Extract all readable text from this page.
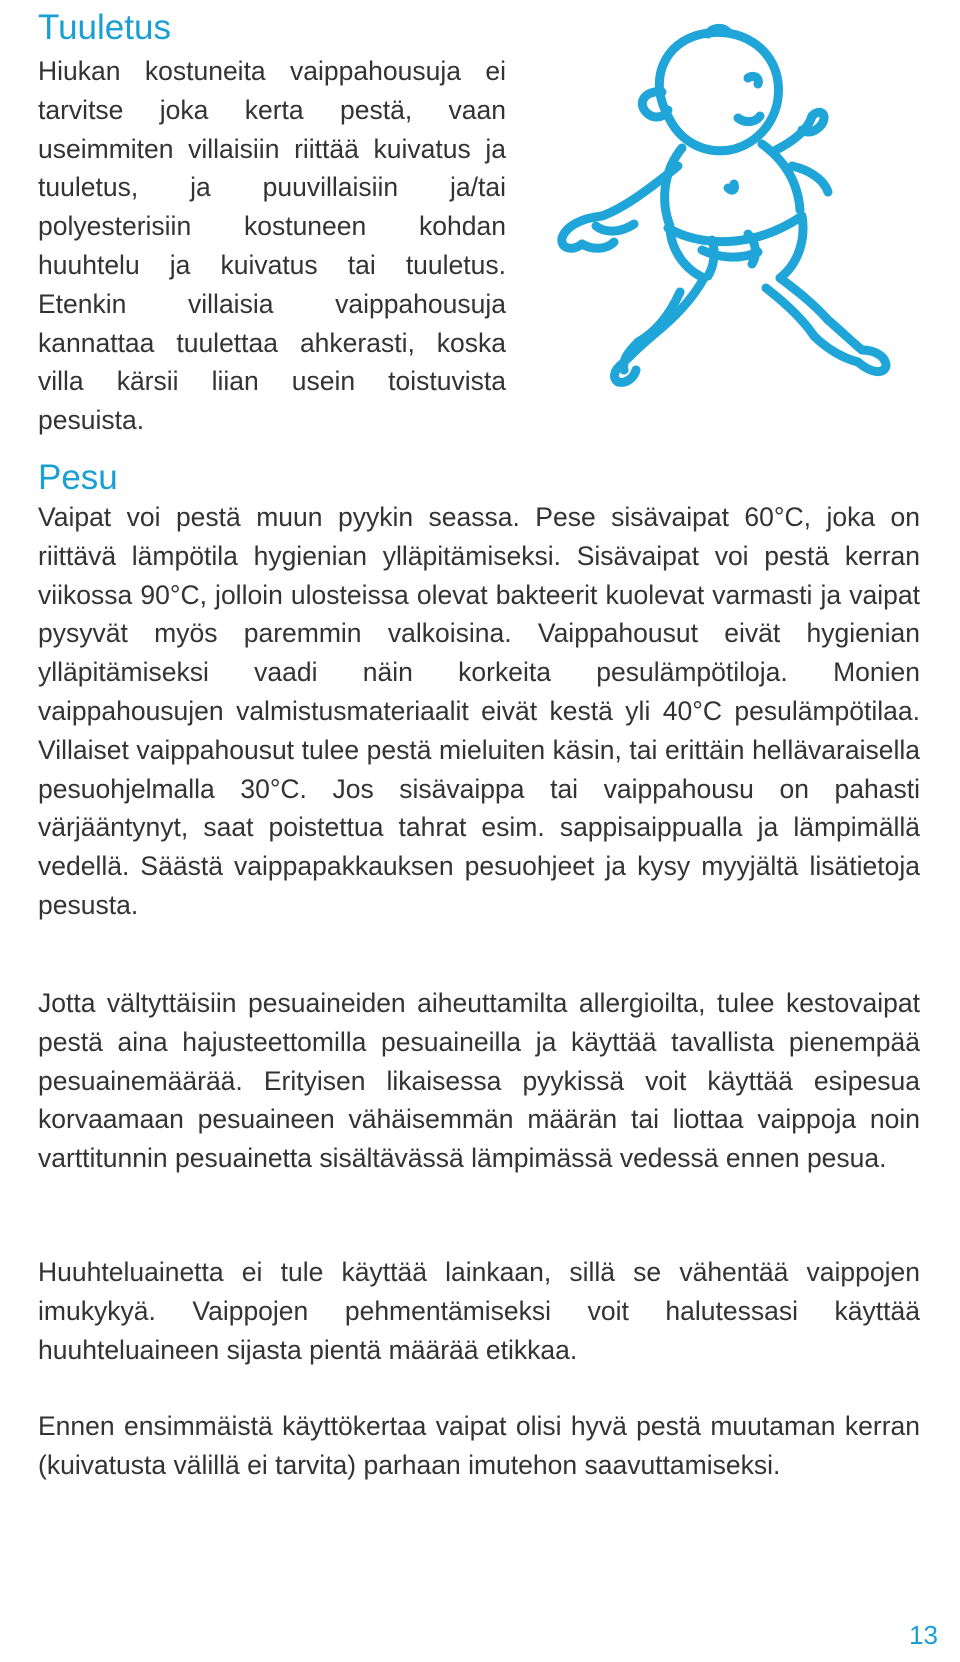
Tuuletus

Hiukan kostuneita vaippahousuja ei tarvitse joka kerta pestä, vaan useimmiten villaisiin riittää kuivatus ja tuuletus, ja puuvillaisiin ja/tai polyesterisiin kostuneen kohdan huuhtelu ja kuivatus tai tuuletus. Etenkin villaisia vaippahousuja kannattaa tuulettaa ahkerasti, koska villa kärsii liian usein toistuvista pesuista.

Pesu

Vaipat voi pestä muun pyykin seassa. Pese sisävaipat 60°C, joka on riittävä lämpötila hygienian ylläpitämiseksi. Sisävaipat voi pestä kerran viikossa 90°C, jolloin ulosteissa olevat bakteerit kuolevat varmasti ja vaipat pysyvät myös paremmin valkoisina. Vaippahousut eivät hygienian ylläpitämiseksi vaadi näin korkeita pesulämpötiloja. Monien vaippahousujen valmistusmateriaalit eivät kestä yli 40°C pesulämpötilaa. Villaiset vaippahousut tulee pestä mieluiten käsin, tai erittäin hellävaraisella pesuohjelmalla 30°C. Jos sisävaippa tai vaippahousu on pahasti värjääntynyt, saat poistettua tahrat esim. sappisaippualla ja lämpimällä vedellä. Säästä vaippapakkauksen pesuohjeet ja kysy myyjältä lisätietoja pesusta.

Jotta vältyttäisiin pesuaineiden aiheuttamilta allergioilta, tulee kestovaipat pestä aina hajusteettomilla pesuaineilla ja käyttää tavallista pienempää pesuainemäärää. Erityisen likaisessa pyykissä voit käyttää esipesua korvaamaan pesuaineen vähäisemmän määrän tai liottaa vaippoja noin varttitunnin pesuainetta sisältävässä lämpimässä vedessä ennen pesua.

Huuhteluainetta ei tule käyttää lainkaan, sillä se vähentää vaippojen imukykyä. Vaippojen pehmentämiseksi voit halutessasi käyttää huuhteluaineen sijasta pientä määrää etikkaa.

Ennen ensimmäistä käyttökertaa vaipat olisi hyvä pestä muutaman kerran (kuivatusta välillä ei tarvita) parhaan imutehon saavuttamiseksi.

13
